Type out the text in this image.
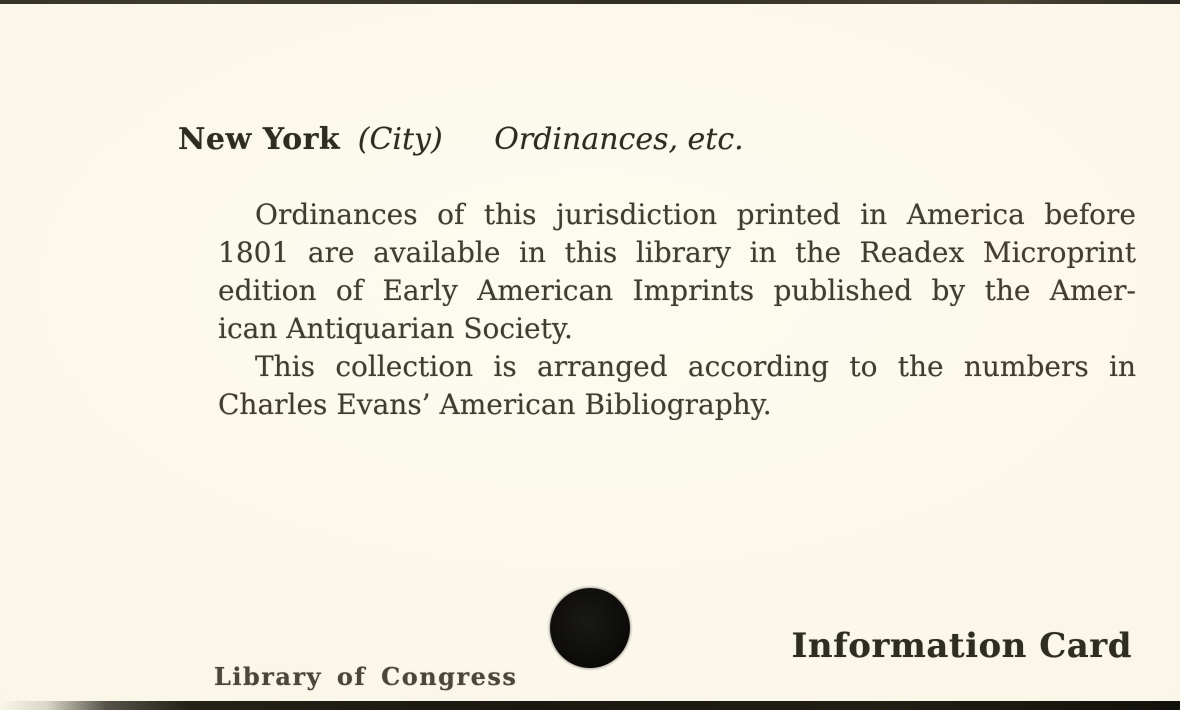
New York (City) Ordinances, etc.
Ordinances of this jurisdiction printed in America before
1801 are available in this library in the Readex Microprint
edition of Early American Imprints published by the Amer-
ican Antiquarian Society.
This collection is arranged according to the numbers in
Charles Evans’ American Bibliography.
Information Card
Library of Congress
